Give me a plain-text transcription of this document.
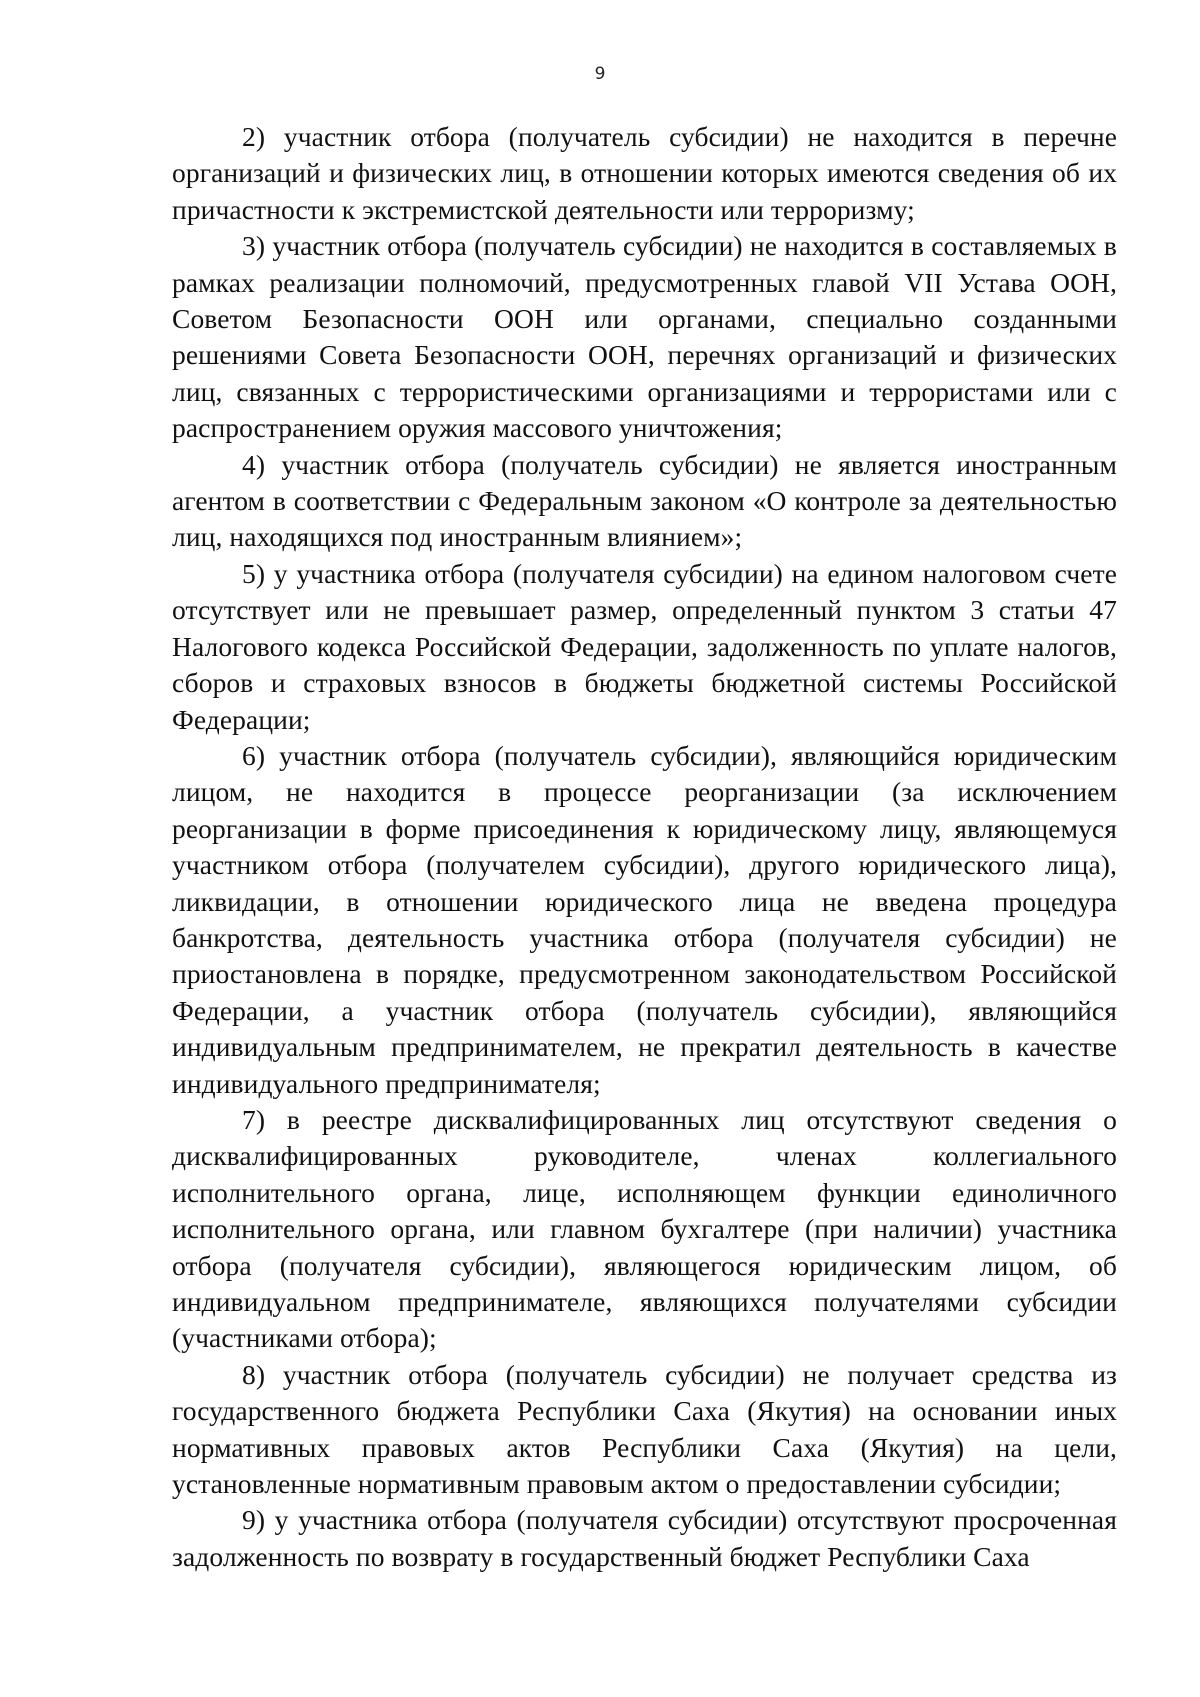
9

2) участник отбора (получатель субсидии) не находится в перечне организаций и физических лиц, в отношении которых имеются сведения об их причастности к экстремистской деятельности или терроризму;

3) участник отбора (получатель субсидии) не находится в составляемых в рамках реализации полномочий, предусмотренных главой VII Устава ООН, Советом Безопасности ООН или органами, специально созданными решениями Совета Безопасности ООН, перечнях организаций и физических лиц, связанных с террористическими организациями и террористами или с распространением оружия массового уничтожения;

4) участник отбора (получатель субсидии) не является иностранным агентом в соответствии с Федеральным законом «О контроле за деятельностью лиц, находящихся под иностранным влиянием»;

5) у участника отбора (получателя субсидии) на едином налоговом счете отсутствует или не превышает размер, определенный пунктом 3 статьи 47 Налогового кодекса Российской Федерации, задолженность по уплате налогов, сборов и страховых взносов в бюджеты бюджетной системы Российской Федерации;

6) участник отбора (получатель субсидии), являющийся юридическим лицом, не находится в процессе реорганизации (за исключением реорганизации в форме присоединения к юридическому лицу, являющемуся участником отбора (получателем субсидии), другого юридического лица), ликвидации, в отношении юридического лица не введена процедура банкротства, деятельность участника отбора (получателя субсидии) не приостановлена в порядке, предусмотренном законодательством Российской Федерации, а участник отбора (получатель субсидии), являющийся индивидуальным предпринимателем, не прекратил деятельность в качестве индивидуального предпринимателя;

7) в реестре дисквалифицированных лиц отсутствуют сведения о дисквалифицированных руководителе, членах коллегиального исполнительного органа, лице, исполняющем функции единоличного исполнительного органа, или главном бухгалтере (при наличии) участника отбора (получателя субсидии), являющегося юридическим лицом, об индивидуальном предпринимателе, являющихся получателями субсидии (участниками отбора);

8) участник отбора (получатель субсидии) не получает средства из государственного бюджета Республики Саха (Якутия) на основании иных нормативных правовых актов Республики Саха (Якутия) на цели, установленные нормативным правовым актом о предоставлении субсидии;

9) у участника отбора (получателя субсидии) отсутствуют просроченная задолженность по возврату в государственный бюджет Республики Саха
